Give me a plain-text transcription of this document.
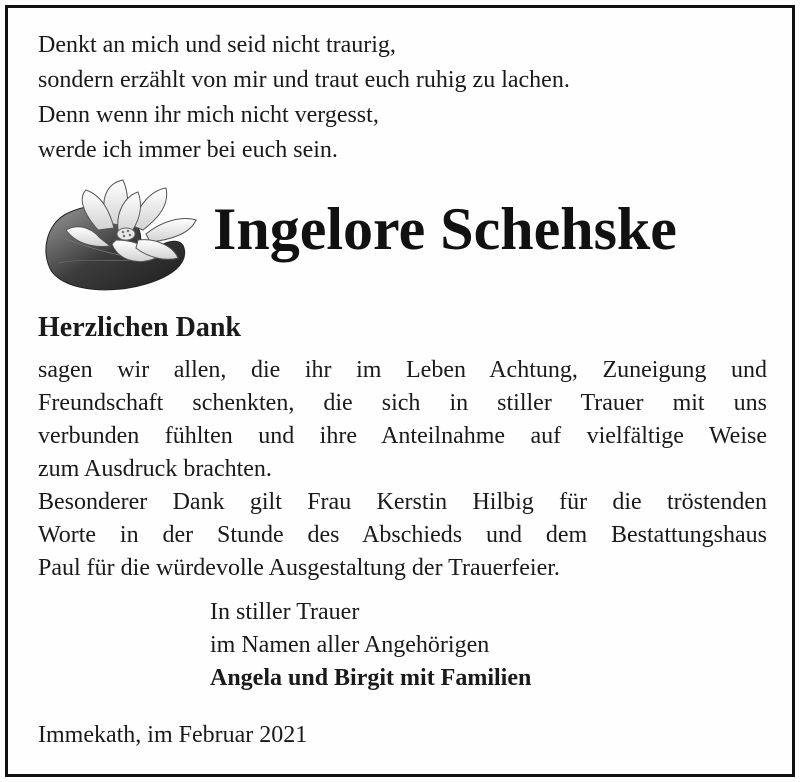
Denkt an mich und seid nicht traurig,
sondern erzählt von mir und traut euch ruhig zu lachen.
Denn wenn ihr mich nicht vergesst,
werde ich immer bei euch sein.
Ingelore Schehske
Herzlichen Dank
sagen wir allen, die ihr im Leben Achtung, Zuneigung und
Freundschaft schenkten, die sich in stiller Trauer mit uns
verbunden fühlten und ihre Anteilnahme auf vielfältige Weise
zum Ausdruck brachten.
Besonderer Dank gilt Frau Kerstin Hilbig für die tröstenden
Worte in der Stunde des Abschieds und dem Bestattungshaus
Paul für die würdevolle Ausgestaltung der Trauerfeier.
In stiller Trauer
im Namen aller Angehörigen
Angela und Birgit mit Familien
Immekath, im Februar 2021
